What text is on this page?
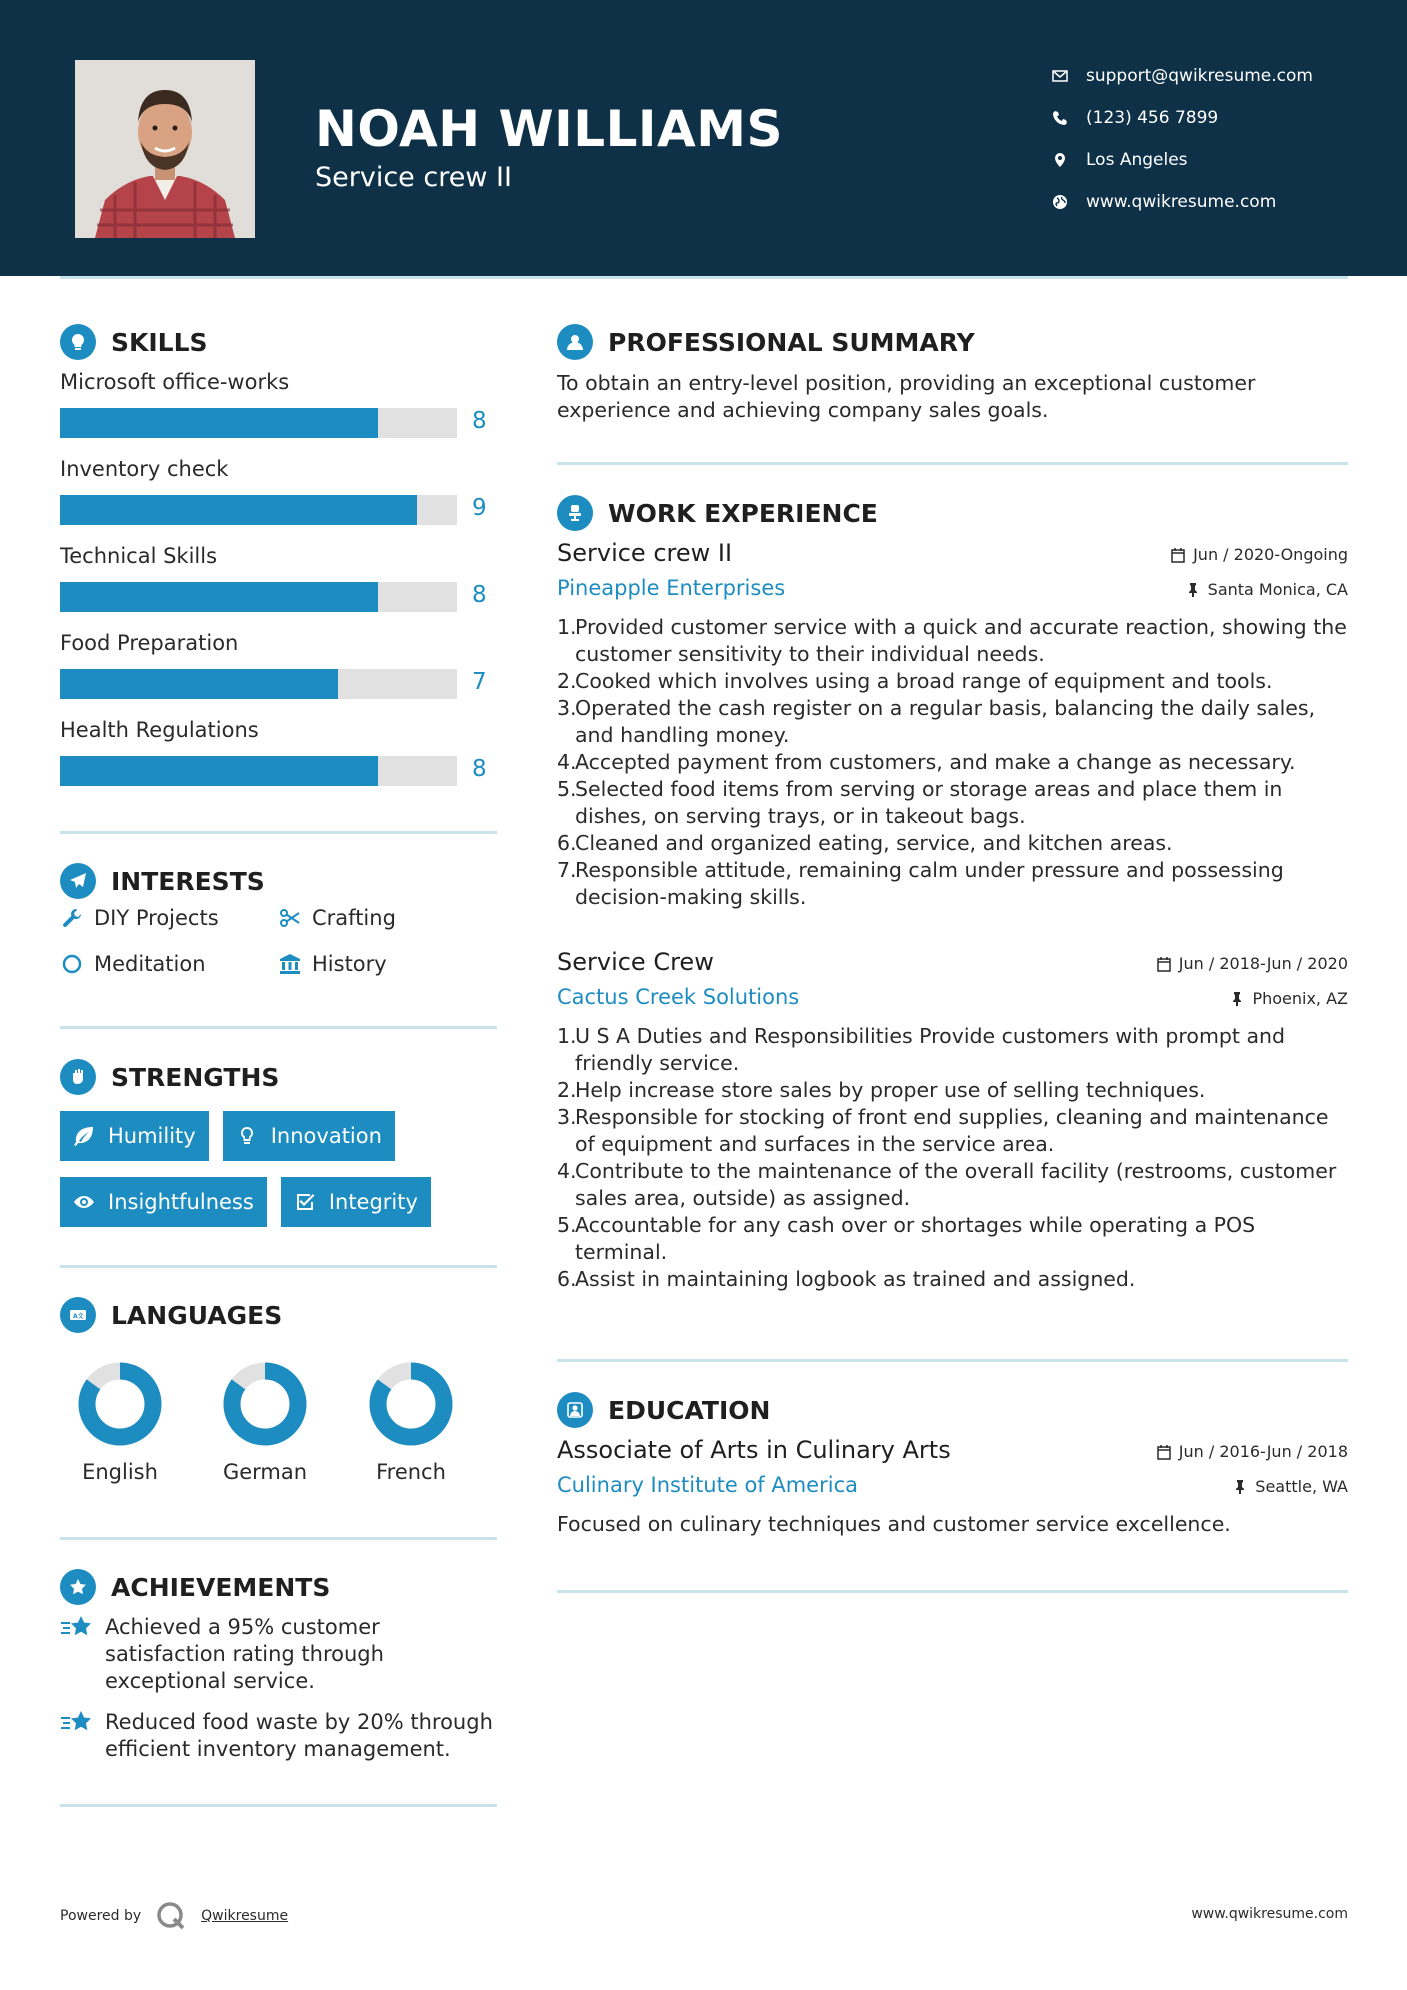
NOAH WILLIAMS
Service crew II
support@qwikresume.com
(123) 456 7899
Los Angeles
www.qwikresume.com
SKILLS
Microsoft office-works
8
Inventory check
9
Technical Skills
8
Food Preparation
7
Health Regulations
8
INTERESTS
DIY Projects	Crafting
Meditation	History
STRENGTHS
Humility	Innovation
Insightfulness	Integrity
A文 LANGUAGES
English	German	French
ACHIEVEMENTS
Achieved a 95% customer satisfaction rating through exceptional service.
Reduced food waste by 20% through efficient inventory management.
PROFESSIONAL SUMMARY
To obtain an entry-level position, providing an exceptional customer experience and achieving company sales goals.
WORK EXPERIENCE
Service crew II	Jun / 2020-Ongoing
Pineapple Enterprises	Santa Monica, CA
1.
Provided customer service with a quick and accurate reaction, showing the customer sensitivity to their individual needs.
2.
Cooked which involves using a broad range of equipment and tools.
3.
Operated the cash register on a regular basis, balancing the daily sales, and handling money.
4.
Accepted payment from customers, and make a change as necessary.
5.
Selected food items from serving or storage areas and place them in dishes, on serving trays, or in takeout bags.
6.
Cleaned and organized eating, service, and kitchen areas.
7.
Responsible attitude, remaining calm under pressure and possessing decision-making skills.
Service Crew	Jun / 2018-Jun / 2020
Cactus Creek Solutions	Phoenix, AZ
1.
U S A Duties and Responsibilities Provide customers with prompt and friendly service.
2.
Help increase store sales by proper use of selling techniques.
3.
Responsible for stocking of front end supplies, cleaning and maintenance of equipment and surfaces in the service area.
4.
Contribute to the maintenance of the overall facility (restrooms, customer sales area, outside) as assigned.
5.
Accountable for any cash over or shortages while operating a POS terminal.
6.
Assist in maintaining logbook as trained and assigned.
EDUCATION
Associate of Arts in Culinary Arts	Jun / 2016-Jun / 2018
Culinary Institute of America	Seattle, WA
Focused on culinary techniques and customer service excellence.
Powered by	Qwikresume	www.qwikresume.com
